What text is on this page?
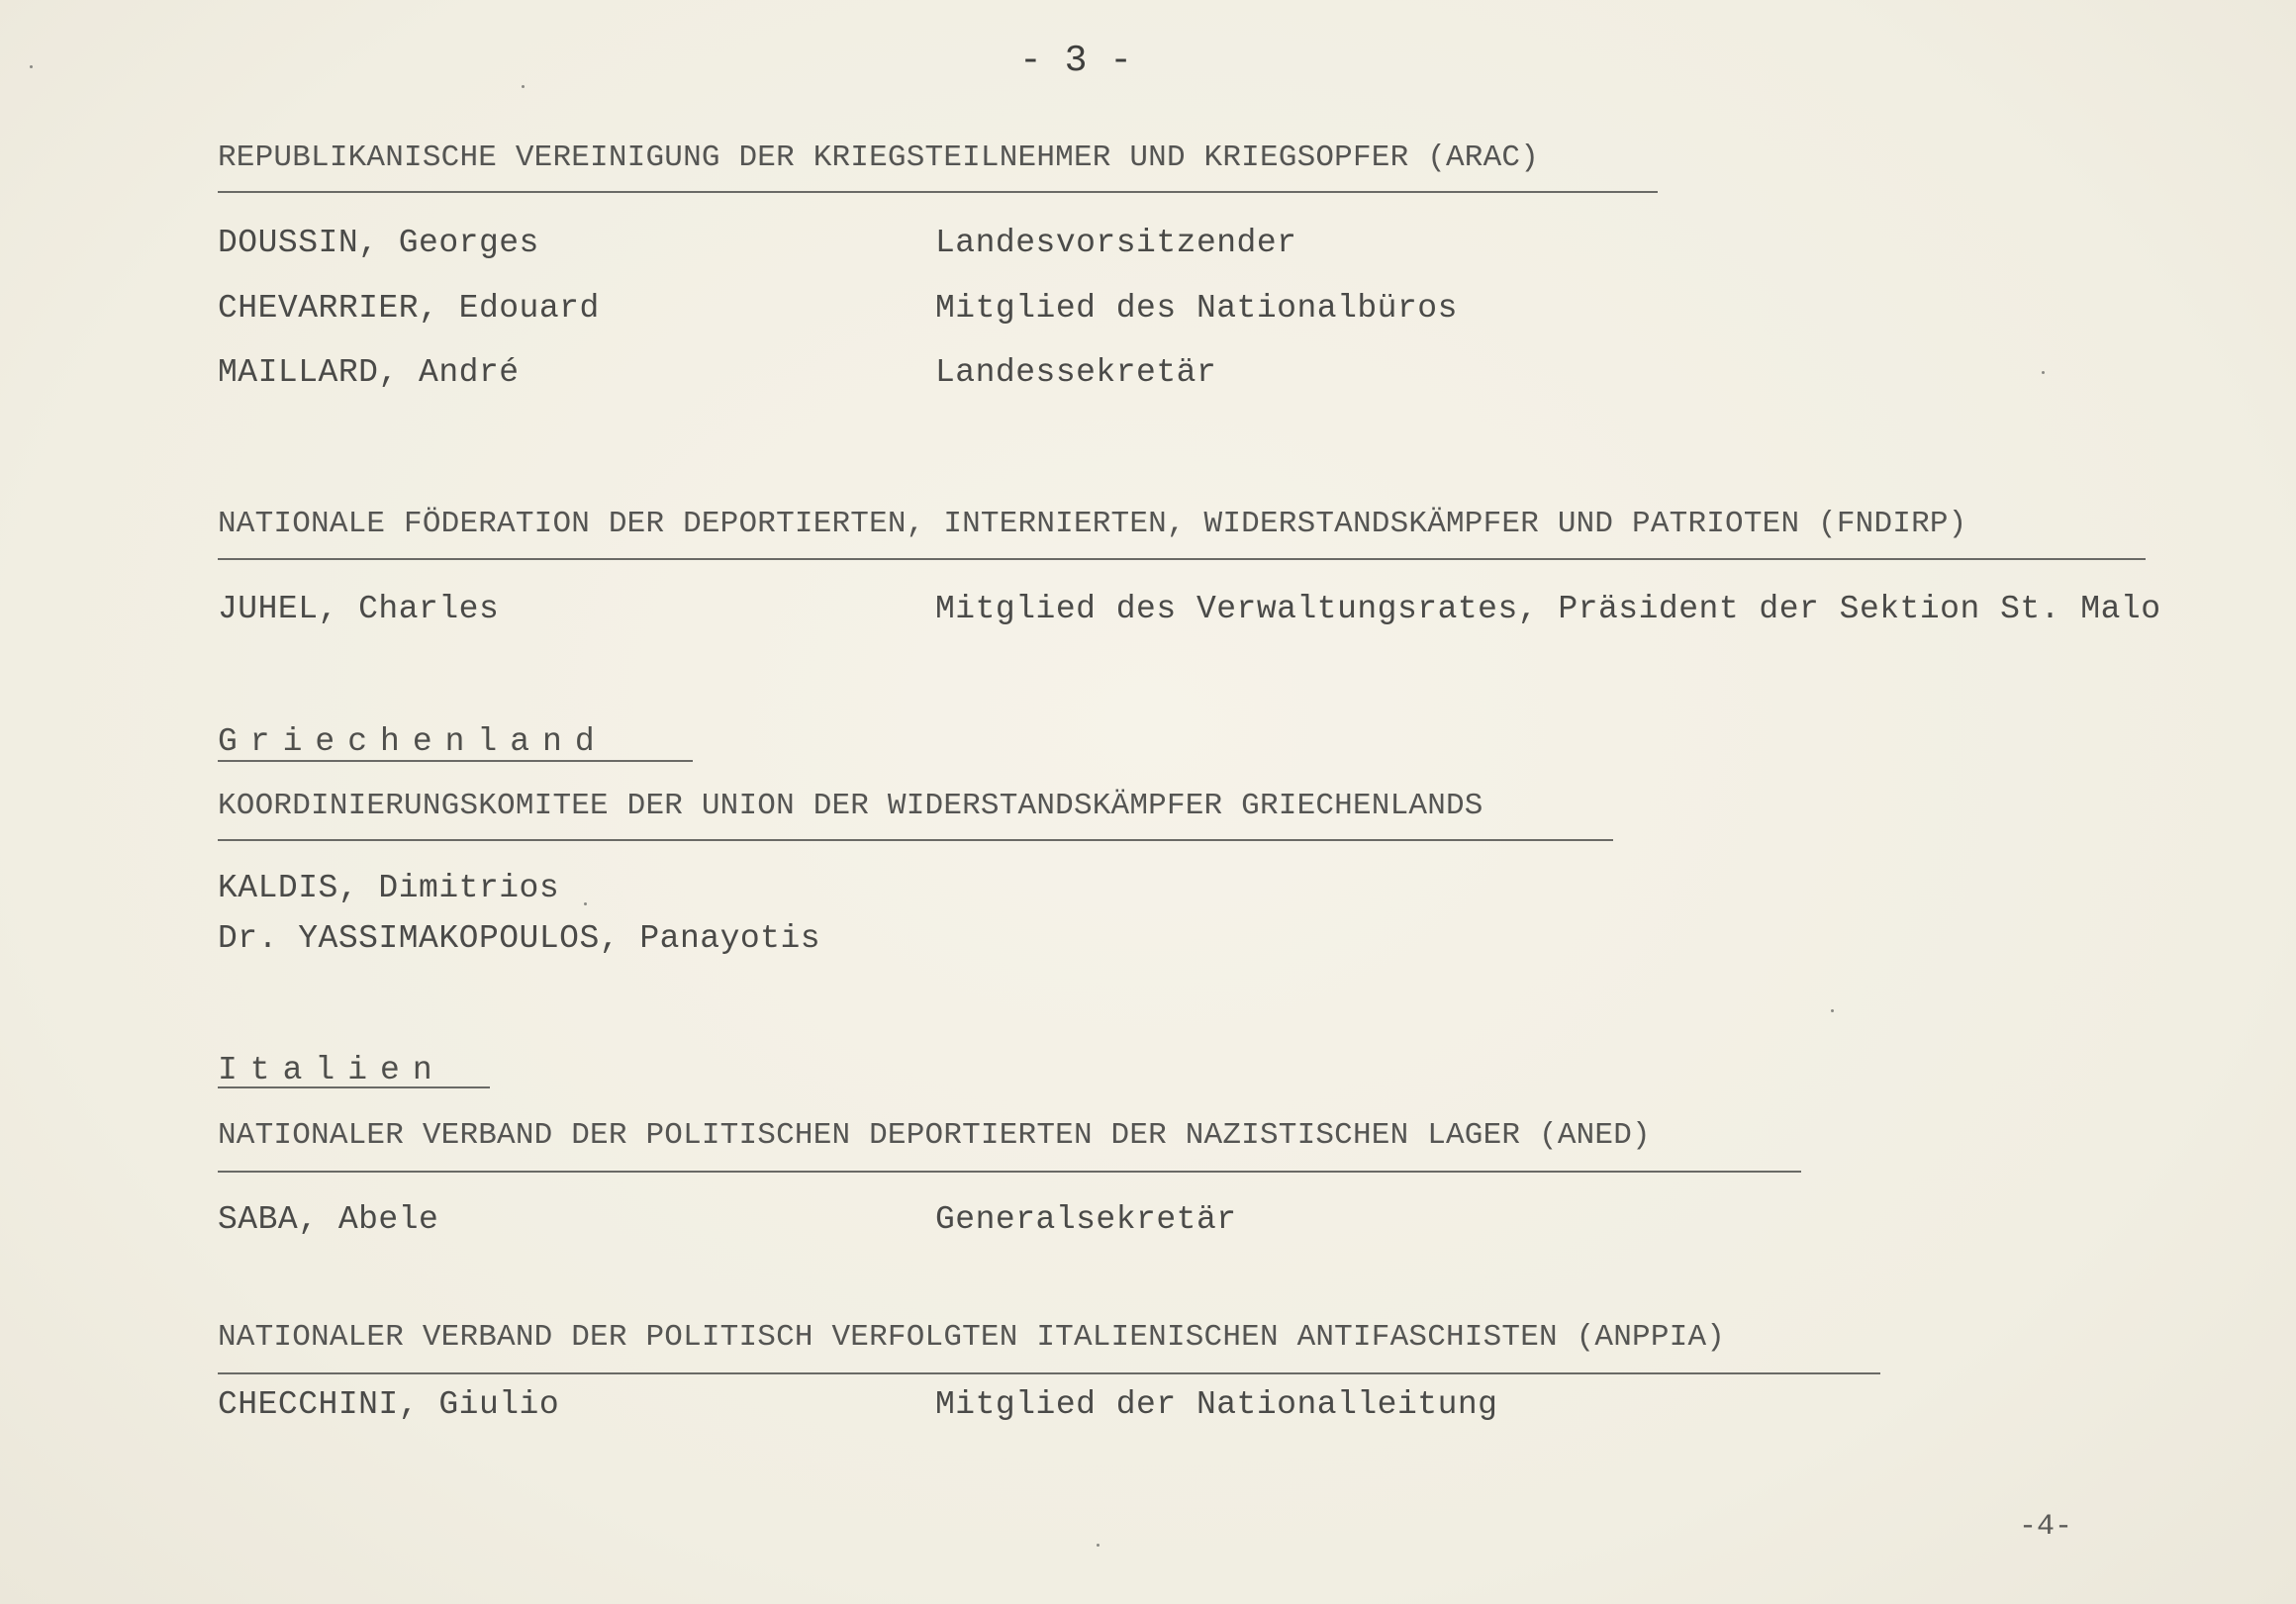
- 3 -
REPUBLIKANISCHE VEREINIGUNG DER KRIEGSTEILNEHMER UND KRIEGSOPFER (ARAC)
DOUSSIN, Georges	Landesvorsitzender
CHEVARRIER, Edouard	Mitglied des Nationalbüros
MAILLARD, André	Landessekretär
NATIONALE FÖDERATION DER DEPORTIERTEN, INTERNIERTEN, WIDERSTANDSKÄMPFER UND PATRIOTEN (FNDIRP)
JUHEL, Charles	Mitglied des Verwaltungsrates, Präsident der Sektion St. Malo
Griechenland
KOORDINIERUNGSKOMITEE DER UNION DER WIDERSTANDSKÄMPFER GRIECHENLANDS
KALDIS, Dimitrios
Dr. YASSIMAKOPOULOS, Panayotis
Italien
NATIONALER VERBAND DER POLITISCHEN DEPORTIERTEN DER NAZISTISCHEN LAGER (ANED)
SABA, Abele	Generalsekretär
NATIONALER VERBAND DER POLITISCH VERFOLGTEN ITALIENISCHEN ANTIFASCHISTEN (ANPPIA)
CHECCHINI, Giulio	Mitglied der Nationalleitung
-4-
